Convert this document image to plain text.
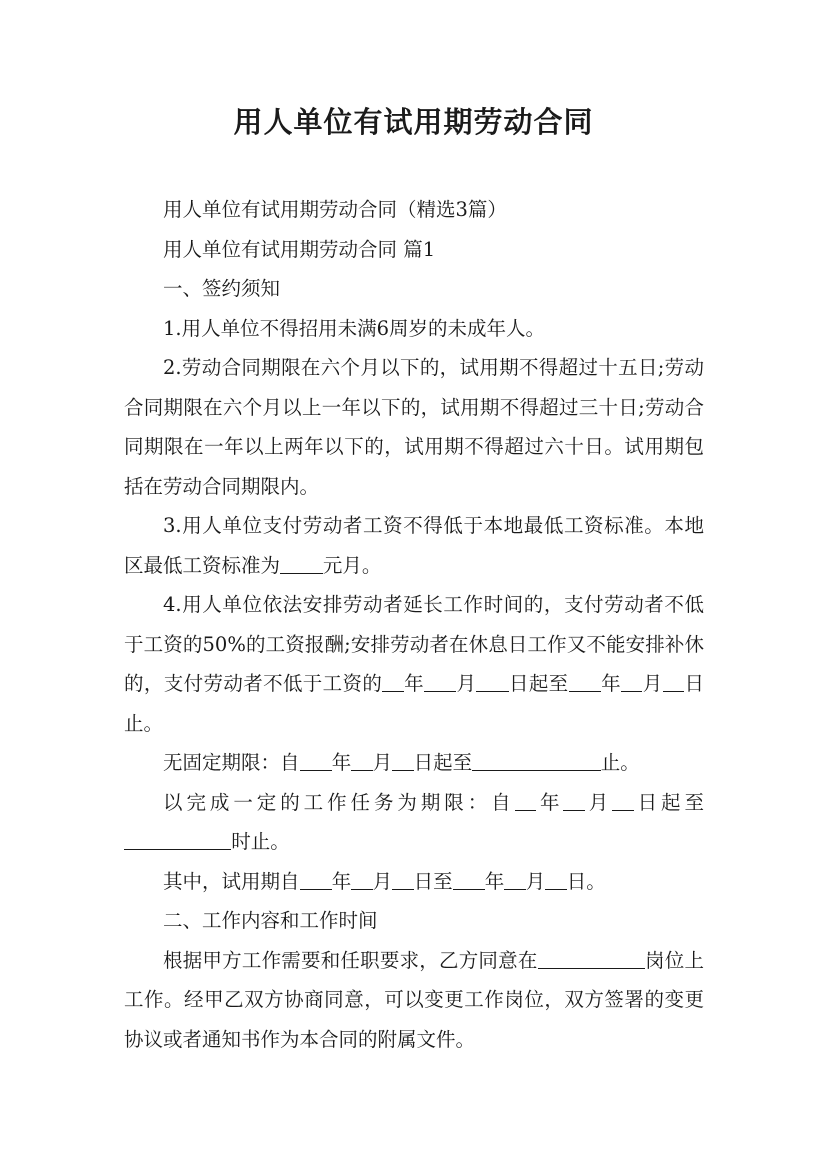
用人单位有试用期劳动合同

用人单位有试用期劳动合同（精选3篇）

用人单位有试用期劳动合同 篇1

一、签约须知

1.用人单位不得招用未满6周岁的未成年人。

2.劳动合同期限在六个月以下的，试用期不得超过十五日;劳动合同期限在六个月以上一年以下的，试用期不得超过三十日;劳动合同期限在一年以上两年以下的，试用期不得超过六十日。试用期包括在劳动合同期限内。

3.用人单位支付劳动者工资不得低于本地最低工资标准。本地区最低工资标准为 元月。

4.用人单位依法安排劳动者延长工作时间的，支付劳动者不低于工资的50%的工资报酬;安排劳动者在休息日工作又不能安排补休的，支付劳动者不低于工资的 年 月 日起至 年 月 日止。

无固定期限：自 年 月 日起至	止。

以完成一定的工作任务为期限：自 年 月 日起至时止。

其中，试用期自 年 月 日至 年 月 日。

二、工作内容和工作时间

根据甲方工作需要和任职要求，乙方同意在	岗位上工作。经甲乙双方协商同意，可以变更工作岗位，双方签署的变更协议或者通知书作为本合同的附属文件。
